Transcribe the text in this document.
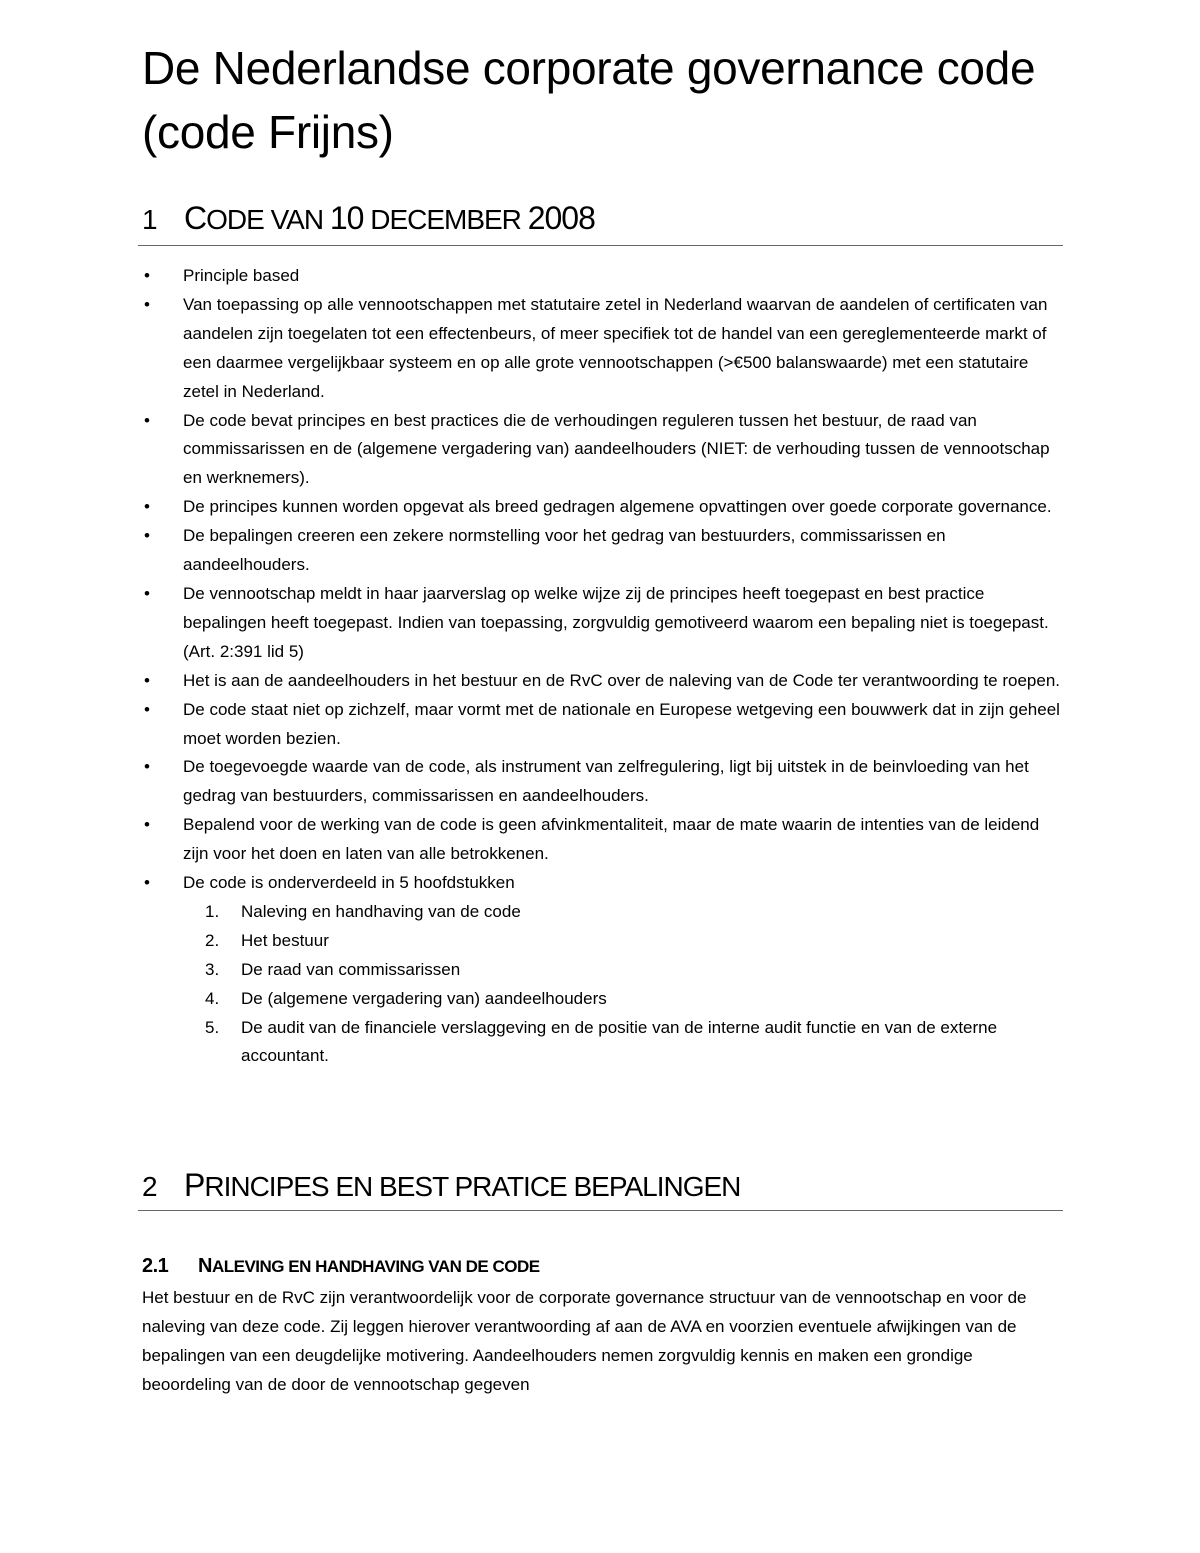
De Nederlandse corporate governance code (code Frijns)
1 CODE VAN 10 DECEMBER 2008
• Principle based
• Van toepassing op alle vennootschappen met statutaire zetel in Nederland waarvan de aandelen of certificaten van aandelen zijn toegelaten tot een effectenbeurs, of meer specifiek tot de handel van een gereglementeerde markt of een daarmee vergelijkbaar systeem en op alle grote vennootschappen (>€500 balanswaarde) met een statutaire zetel in Nederland.
• De code bevat principes en best practices die de verhoudingen reguleren tussen het bestuur, de raad van commissarissen en de (algemene vergadering van) aandeelhouders (NIET: de verhouding tussen de vennootschap en werknemers).
• De principes kunnen worden opgevat als breed gedragen algemene opvattingen over goede corporate governance.
• De bepalingen creeren een zekere normstelling voor het gedrag van bestuurders, commissarissen en aandeelhouders.
• De vennootschap meldt in haar jaarverslag op welke wijze zij de principes heeft toegepast en best practice bepalingen heeft toegepast. Indien van toepassing, zorgvuldig gemotiveerd waarom een bepaling niet is toegepast. (Art. 2:391 lid 5)
• Het is aan de aandeelhouders in het bestuur en de RvC over de naleving van de Code ter verantwoording te roepen.
• De code staat niet op zichzelf, maar vormt met de nationale en Europese wetgeving een bouwwerk dat in zijn geheel moet worden bezien.
• De toegevoegde waarde van de code, als instrument van zelfregulering, ligt bij uitstek in de beinvloeding van het gedrag van bestuurders, commissarissen en aandeelhouders.
• Bepalend voor de werking van de code is geen afvinkmentaliteit, maar de mate waarin de intenties van de leidend zijn voor het doen en laten van alle betrokkenen.
• De code is onderverdeeld in 5 hoofdstukken
1. Naleving en handhaving van de code
2. Het bestuur
3. De raad van commissarissen
4. De (algemene vergadering van) aandeelhouders
5. De audit van de financiele verslaggeving en de positie van de interne audit functie en van de externe accountant.
2 PRINCIPES EN BEST PRATICE BEPALINGEN
2.1 NALEVING EN HANDHAVING VAN DE CODE

Het bestuur en de RvC zijn verantwoordelijk voor de corporate governance structuur van de vennootschap en voor de naleving van deze code. Zij leggen hierover verantwoording af aan de AVA en voorzien eventuele afwijkingen van de bepalingen van een deugdelijke motivering. Aandeelhouders nemen zorgvuldig kennis en maken een grondige beoordeling van de door de vennootschap gegeven
